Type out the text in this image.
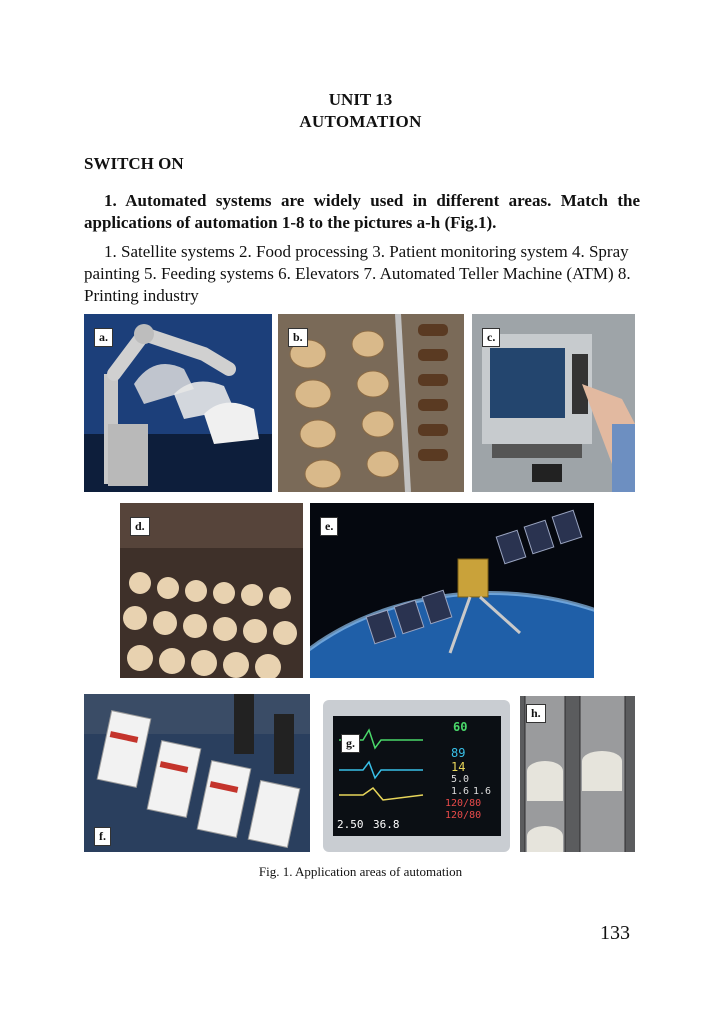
UNIT 13
AUTOMATION
SWITCH ON
1. Automated systems are widely used in different areas. Match the applications of automation 1-8 to the pictures a-h (Fig.1).
1. Satellite systems 2. Food processing 3. Patient monitoring system 4. Spray painting 5. Feeding systems 6. Elevators 7. Automated Teller Machine (ATM) 8. Printing industry
a.	b.	c.
d.	e.
f.
60
89
14
5.0
1.6 1.6
120/80
120/80
2.50 36.8
g.
h.
Fig. 1. Application areas of automation
133
